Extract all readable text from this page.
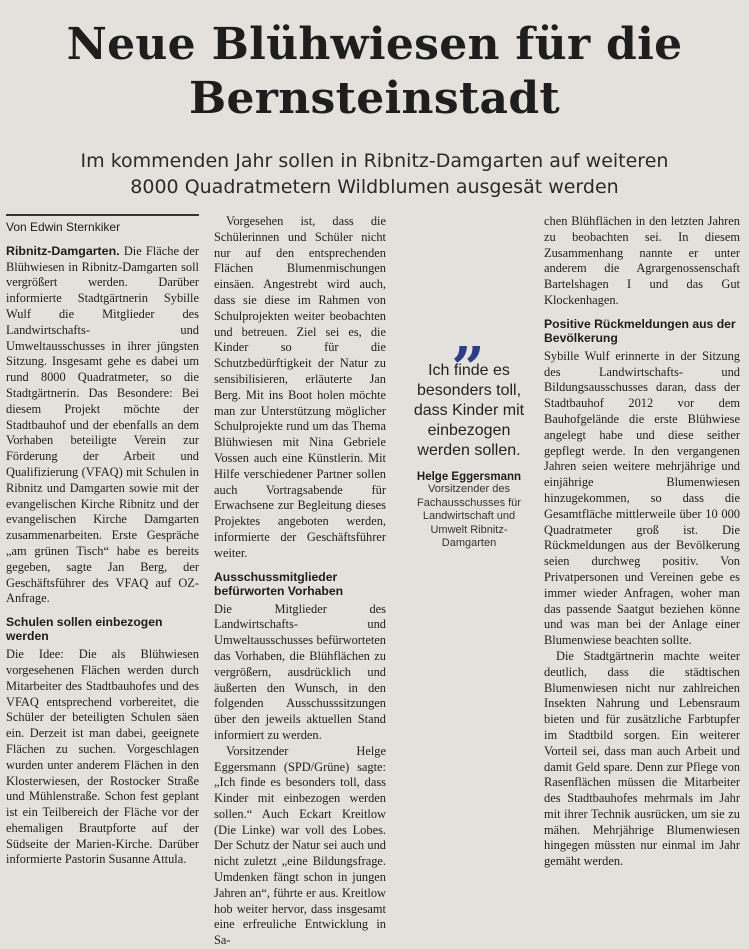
Neue Blühwiesen für die
Bernsteinstadt
Im kommenden Jahr sollen in Ribnitz-Damgarten auf weiteren
8000 Quadratmetern Wildblumen ausgesät werden
Von Edwin Sternkiker

Ribnitz-Damgarten. Die Fläche der Blühwiesen in Ribnitz-Damgarten soll vergrößert werden. Darüber informierte Stadtgärtnerin Sybille Wulf die Mitglieder des Landwirtschafts- und Umweltausschusses in ihrer jüngsten Sitzung. Insgesamt gehe es dabei um rund 8000 Quadratmeter, so die Stadtgärtnerin. Das Besondere: Bei diesem Projekt möchte der Stadtbauhof und der ebenfalls an dem Vorhaben beteiligte Verein zur Förderung der Arbeit und Qualifizierung (VFAQ) mit Schulen in Ribnitz und Damgarten sowie mit der evangelischen Kirche Ribnitz und der evangelischen Kirche Damgarten zusammenarbeiten. Erste Gespräche „am grünen Tisch“ habe es bereits gegeben, sagte Jan Berg, der Geschäftsführer des VFAQ auf OZ-Anfrage.

Schulen sollen einbezogen werden

Die Idee: Die als Blühwiesen vorgesehenen Flächen werden durch Mitarbeiter des Stadtbauhofes und des VFAQ entsprechend vorbereitet, die Schüler der beteiligten Schulen säen ein. Derzeit ist man dabei, geeignete Flächen zu suchen. Vorgeschlagen wurden unter anderem Flächen in den Klosterwiesen, der Rostocker Straße und Mühlenstraße. Schon fest geplant ist ein Teilbereich der Fläche vor der ehemaligen Brautpforte auf der Südseite der Marien-Kirche. Darüber informierte Pastorin Susanne Attula.

Vorgesehen ist, dass die Schülerinnen und Schüler nicht nur auf den entsprechenden Flächen Blumenmischungen einsäen. Angestrebt wird auch, dass sie diese im Rahmen von Schulprojekten weiter beobachten und betreuen. Ziel sei es, die Kinder so für die Schutzbedürftigkeit der Natur zu sensibilisieren, erläuterte Jan Berg. Mit ins Boot holen möchte man zur Unterstützung möglicher Schulprojekte rund um das Thema Blühwiesen mit Nina Gebriele Vossen auch eine Künstlerin. Mit Hilfe verschiedener Partner sollen auch Vortragsabende für Erwachsene zur Begleitung dieses Projektes angeboten werden, informierte der Geschäftsführer weiter.

Ausschussmitglieder befürworten Vorhaben

Die Mitglieder des Landwirtschafts- und Umweltausschusses befürworteten das Vorhaben, die Blühflächen zu vergrößern, ausdrücklich und äußerten den Wunsch, in den folgenden Ausschusssitzungen über den jeweils aktuellen Stand informiert zu werden.

Vorsitzender Helge Eggersmann (SPD/Grüne) sagte: „Ich finde es besonders toll, dass Kinder mit einbezogen werden sollen.“ Auch Eckart Kreitlow (Die Linke) war voll des Lobes. Der Schutz der Natur sei auch und nicht zuletzt „eine Bildungsfrage. Umdenken fängt schon in jungen Jahren an“, führte er aus. Kreitlow hob weiter hervor, dass insgesamt eine erfreuliche Entwicklung in Sa-

„
Ich finde es besonders toll, dass Kinder mit einbezogen werden sollen.
Helge Eggersmann
Vorsitzender des Fachausschusses für Landwirtschaft und Umwelt Ribnitz-Damgarten

chen Blühflächen in den letzten Jahren zu beobachten sei. In diesem Zusammenhang nannte er unter anderem die Agrargenossenschaft Bartelshagen I und das Gut Klockenhagen.

Positive Rückmeldungen aus der Bevölkerung

Sybille Wulf erinnerte in der Sitzung des Landwirtschafts- und Bildungsausschusses daran, dass der Stadtbauhof 2012 vor dem Bauhofgelände die erste Blühwiese angelegt habe und diese seither gepflegt werde. In den vergangenen Jahren seien weitere mehrjährige und einjährige Blumenwiesen hinzugekommen, so dass die Gesamtfläche mittlerweile über 10 000 Quadratmeter groß ist. Die Rückmeldungen aus der Bevölkerung seien durchweg positiv. Von Privatpersonen und Vereinen gebe es immer wieder Anfragen, woher man das passende Saatgut beziehen könne und was man bei der Anlage einer Blumenwiese beachten sollte.

Die Stadtgärtnerin machte weiter deutlich, dass die städtischen Blumenwiesen nicht nur zahlreichen Insekten Nahrung und Lebensraum bieten und für zusätzliche Farbtupfer im Stadtbild sorgen. Ein weiterer Vorteil sei, dass man auch Arbeit und damit Geld spare. Denn zur Pflege von Rasenflächen müssen die Mitarbeiter des Stadtbauhofes mehrmals im Jahr mit ihrer Technik ausrücken, um sie zu mähen. Mehrjährige Blumenwiesen hingegen müssten nur einmal im Jahr gemäht werden.
